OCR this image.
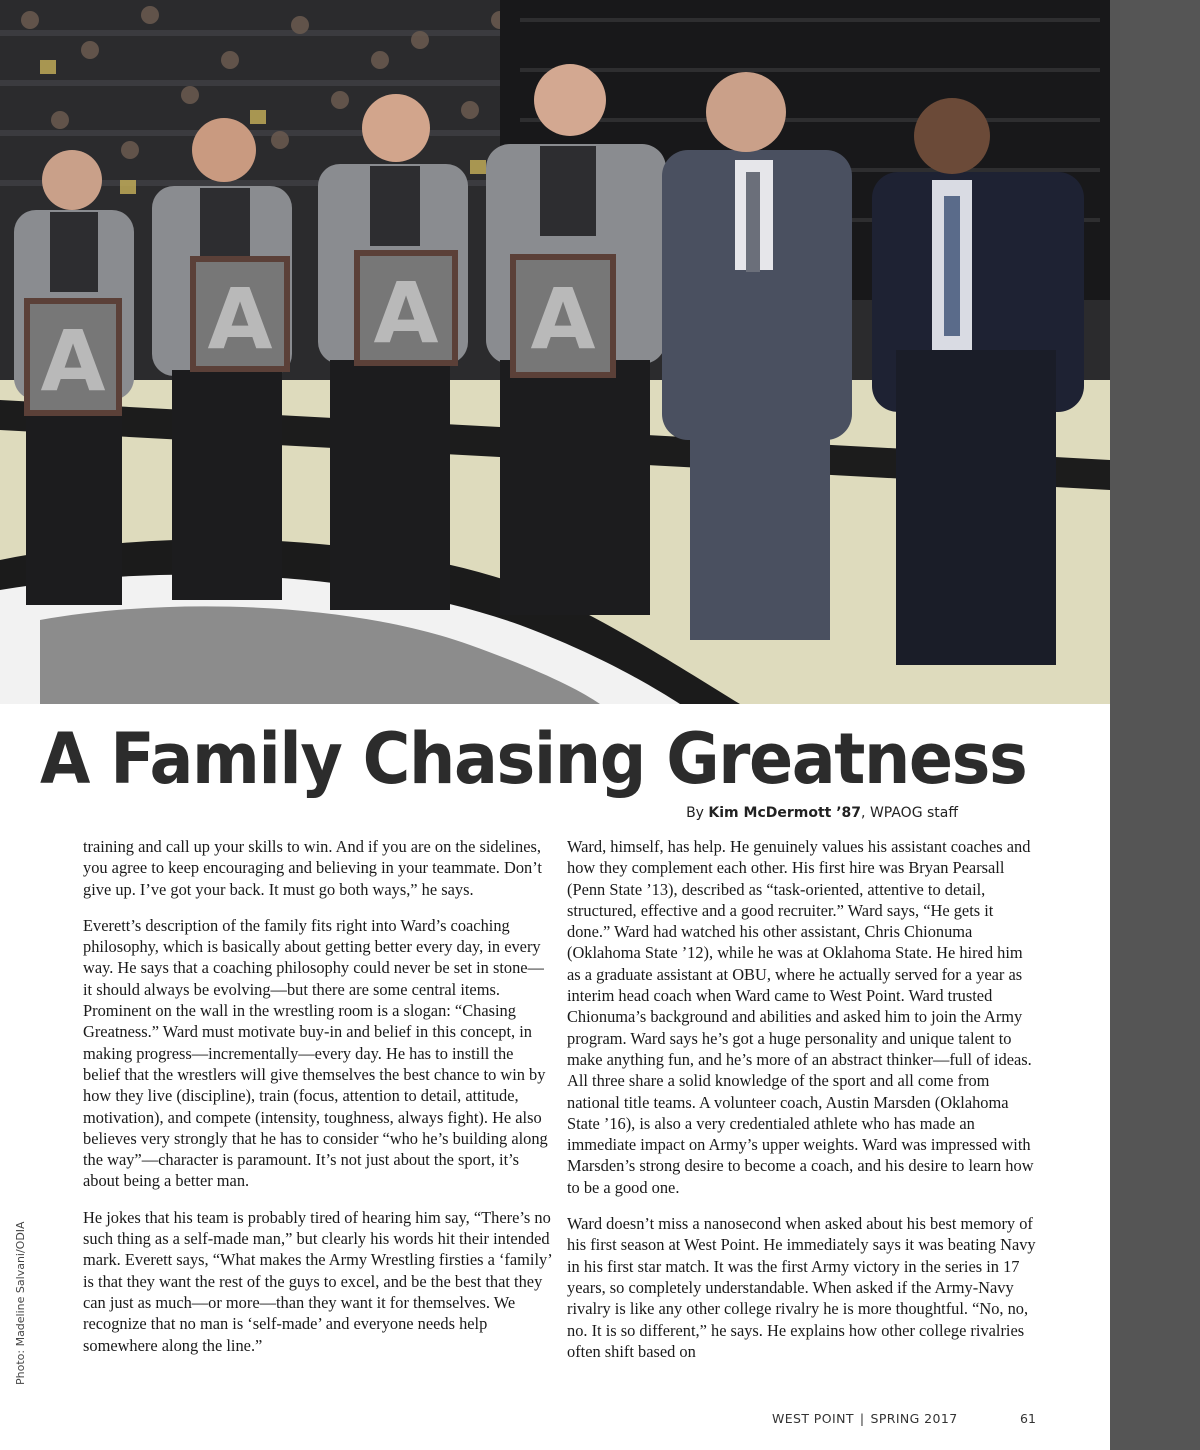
A A A A
A Family Chasing Greatness
By Kim McDermott ’87, WPAOG staff

training and call up your skills to win. And if you are on the sidelines, you agree to keep encouraging and believing in your teammate. Don’t give up. I’ve got your back. It must go both ways,” he says.

Everett’s description of the family fits right into Ward’s coaching philosophy, which is basically about getting better every day, in every way. He says that a coaching philosophy could never be set in stone—it should always be evolving—but there are some central items. Prominent on the wall in the wrestling room is a slogan: “Chasing Greatness.” Ward must motivate buy-in and belief in this concept, in making progress—incrementally—every day. He has to instill the belief that the wrestlers will give themselves the best chance to win by how they live (discipline), train (focus, attention to detail, attitude, motivation), and compete (intensity, toughness, always fight). He also believes very strongly that he has to consider “who he’s building along the way”—character is paramount. It’s not just about the sport, it’s about being a better man.

He jokes that his team is probably tired of hearing him say, “There’s no such thing as a self-made man,” but clearly his words hit their intended mark. Everett says, “What makes the Army Wrestling firsties a ‘family’ is that they want the rest of the guys to excel, and be the best that they can just as much—or more—than they want it for themselves. We recognize that no man is ‘self-made’ and everyone needs help somewhere along the line.”

Ward, himself, has help. He genuinely values his assistant coaches and how they complement each other. His first hire was Bryan Pearsall (Penn State ’13), described as “task-oriented, attentive to detail, structured, effective and a good recruiter.” Ward says, “He gets it done.” Ward had watched his other assistant, Chris Chionuma (Oklahoma State ’12), while he was at Oklahoma State. He hired him as a graduate assistant at OBU, where he actually served for a year as interim head coach when Ward came to West Point. Ward trusted Chionuma’s background and abilities and asked him to join the Army program. Ward says he’s got a huge personality and unique talent to make anything fun, and he’s more of an abstract thinker—full of ideas. All three share a solid knowledge of the sport and all come from national title teams. A volunteer coach, Austin Marsden (Oklahoma State ’16), is also a very credentialed athlete who has made an immediate impact on Army’s upper weights. Ward was impressed with Marsden’s strong desire to become a coach, and his desire to learn how to be a good one.

Ward doesn’t miss a nanosecond when asked about his best memory of his first season at West Point. He immediately says it was beating Navy in his first star match. It was the first Army victory in the series in 17 years, so completely understandable. When asked if the Army-Navy rivalry is like any other college rivalry he is more thoughtful. “No, no, no. It is so different,” he says. He explains how other college rivalries often shift based on

Photo: Madeline Salvani/ODIA
WEST POINT | SPRING 2017	61
